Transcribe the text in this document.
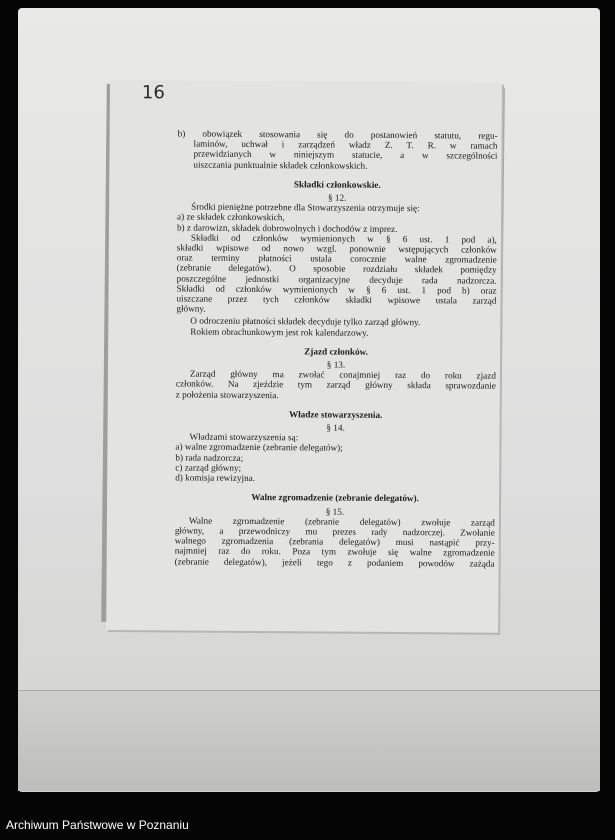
16
b) obowiązek stosowania się do postanowień statutu, regu-
laminów, uchwał i zarządzeń władz Z. T. R. w ramach
przewidzianych w niniejszym statucie, a w szczególności
uiszczania punktualnie składek członkowskich.
Składki członkowskie.
§ 12.
Środki pieniężne potrzebne dla Stowarzyszenia otrzymuje się:
a) ze składek członkowskich,
b) z darowizn, składek dobrowolnych i dochodów z imprez.
Składki od członków wymienionych w § 6 ust. 1 pod a),
składki wpisowe od nowo wzgl. ponownie wstępujących członków
oraz terminy płatności ustala corocznie walne zgromadzenie
(zebranie delegatów). O sposobie rozdziału składek pomiędzy
poszczególne jednostki organizacyjne decyduje rada nadzorcza.
Składki od członków wymienionych w § 6 ust. 1 pod b) oraz
uiszczane przez tych członków składki wpisowe ustala zarząd
główny.
O odroczeniu płatności składek decyduje tylko zarząd główny.
Rokiem obrachunkowym jest rok kalendarzowy.
Zjazd członków.
§ 13.
Zarząd główny ma zwołać conajmniej raz do roku zjazd
członków. Na zjeździe tym zarząd główny składa sprawozdanie
z położenia stowarzyszenia.
Władze stowarzyszenia.
§ 14.
Władzami stowarzyszenia są:
a) walne zgromadzenie (zebranie delegatów);
b) rada nadzorcza;
c) zarząd główny;
d) komisja rewizyjna.
Walne zgromadzenie (zebranie delegatów).
§ 15.
Walne zgromadzenie (zebranie delegatów) zwołuje zarząd
główny, a przewodniczy mu prezes rady nadzorczej. Zwołanie
walnego zgromadzenia (zebrania delegatów) musi nastąpić przy-
najmniej raz do roku. Poza tym zwołuje się walne zgromadzenie
(zebranie delegatów), jeżeli tego z podaniem powodów zażąda
Archiwum Państwowe w Poznaniu
